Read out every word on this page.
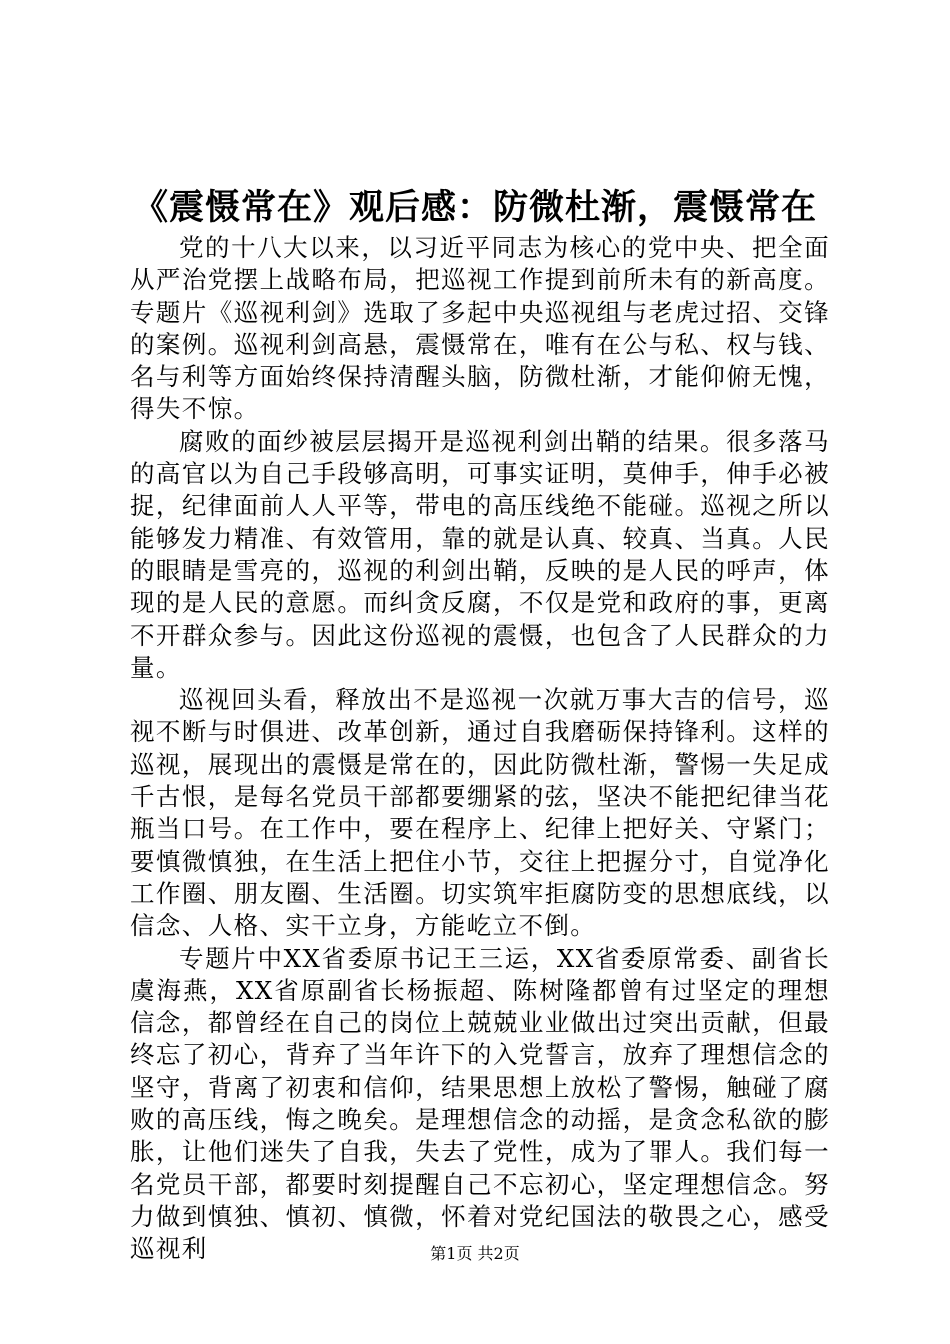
《震慑常在》观后感：防微杜渐，震慑常在

党的十八大以来，以习近平同志为核心的党中央、把全面从严治党摆上战略布局，把巡视工作提到前所未有的新高度。专题片《巡视利剑》选取了多起中央巡视组与老虎过招、交锋的案例。巡视利剑高悬，震慑常在，唯有在公与私、权与钱、名与利等方面始终保持清醒头脑，防微杜渐，才能仰俯无愧，得失不惊。

腐败的面纱被层层揭开是巡视利剑出鞘的结果。很多落马的高官以为自己手段够高明，可事实证明，莫伸手，伸手必被捉，纪律面前人人平等，带电的高压线绝不能碰。巡视之所以能够发力精准、有效管用，靠的就是认真、较真、当真。人民的眼睛是雪亮的，巡视的利剑出鞘，反映的是人民的呼声，体现的是人民的意愿。而纠贪反腐，不仅是党和政府的事，更离不开群众参与。因此这份巡视的震慑，也包含了人民群众的力量。

巡视回头看，释放出不是巡视一次就万事大吉的信号，巡视不断与时俱进、改革创新，通过自我磨砺保持锋利。这样的巡视，展现出的震慑是常在的，因此防微杜渐，警惕一失足成千古恨，是每名党员干部都要绷紧的弦，坚决不能把纪律当花瓶当口号。在工作中，要在程序上、纪律上把好关、守紧门；要慎微慎独，在生活上把住小节，交往上把握分寸，自觉净化工作圈、朋友圈、生活圈。切实筑牢拒腐防变的思想底线，以信念、人格、实干立身，方能屹立不倒。

专题片中XX省委原书记王三运，XX省委原常委、副省长虞海燕，XX省原副省长杨振超、陈树隆都曾有过坚定的理想信念，都曾经在自己的岗位上兢兢业业做出过突出贡献，但最终忘了初心，背弃了当年许下的入党誓言，放弃了理想信念的坚守，背离了初衷和信仰，结果思想上放松了警惕，触碰了腐败的高压线，悔之晚矣。是理想信念的动摇，是贪念私欲的膨胀，让他们迷失了自我，失去了党性，成为了罪人。我们每一名党员干部，都要时刻提醒自己不忘初心，坚定理想信念。努力做到慎独、慎初、慎微，怀着对党纪国法的敬畏之心，感受巡视利	第1页 共2页
